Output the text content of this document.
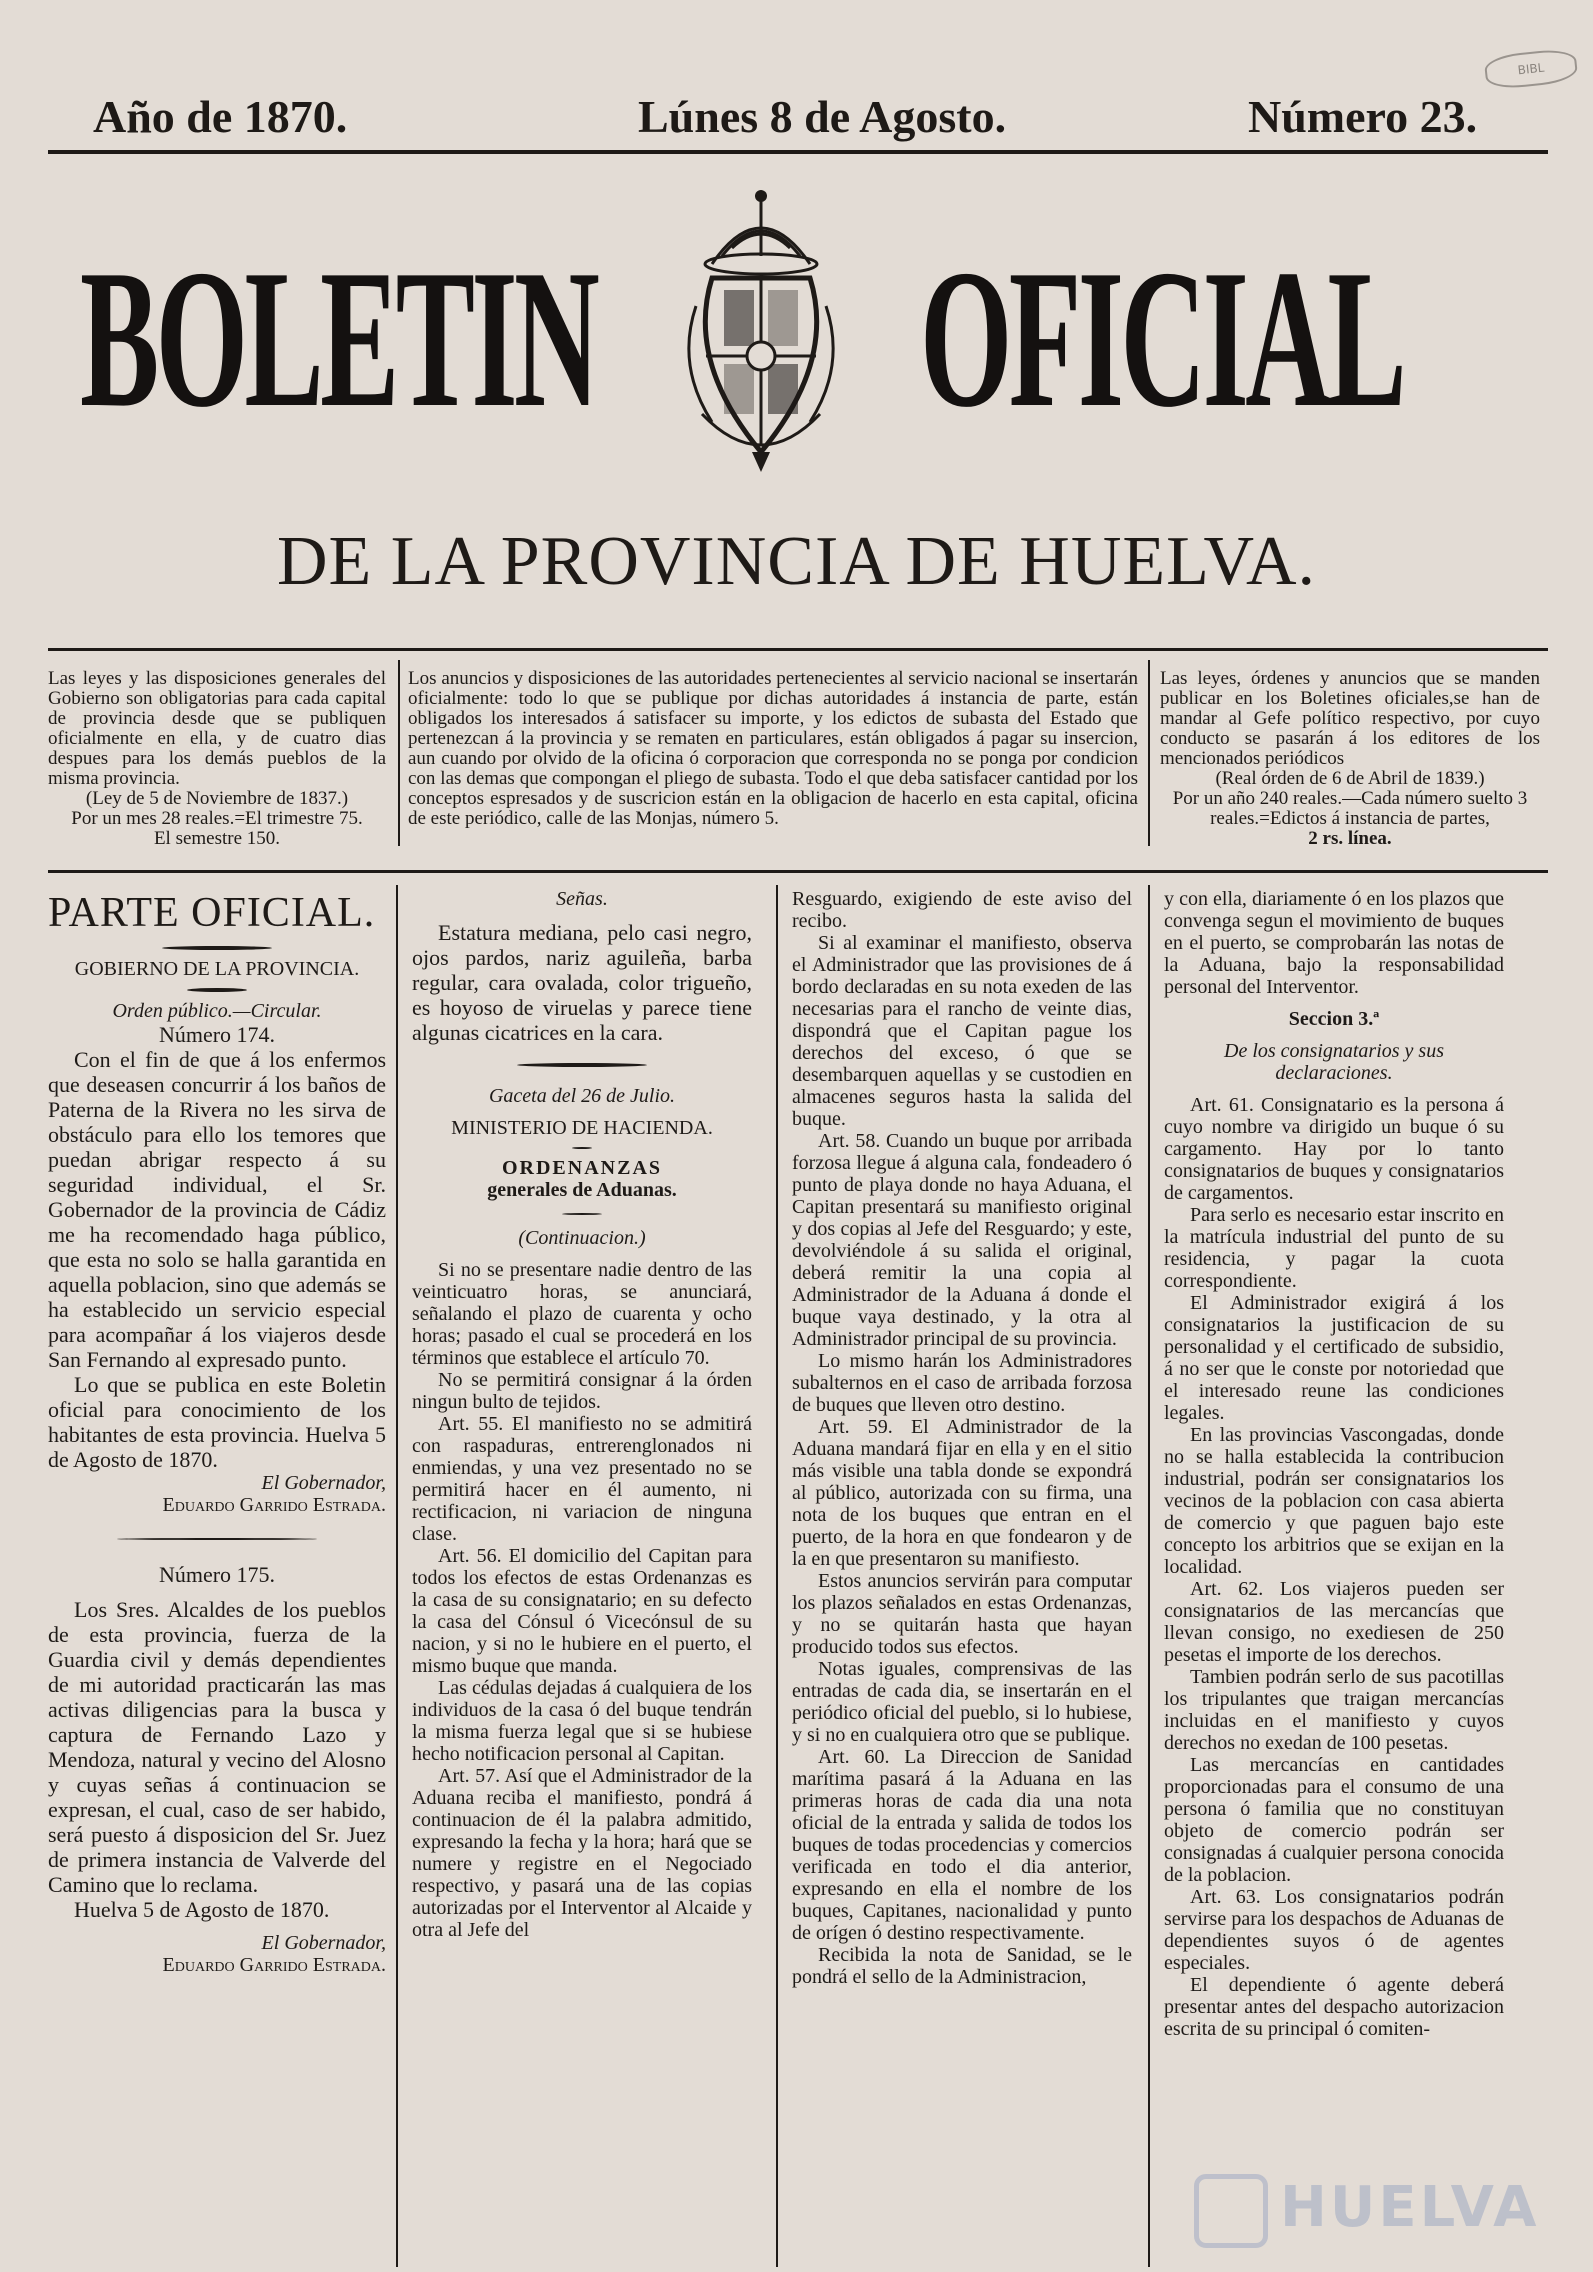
BIBL
Año de 1870.	Lúnes 8 de Agosto.	Número 23.
BOLETIN OFICIAL
DE LA PROVINCIA DE HUELVA.

Las leyes y las disposiciones generales del Gobierno son obligatorias para cada capital de provincia desde que se publiquen oficialmente en ella, y de cuatro dias despues para los demás pueblos de la misma provincia.

(Ley de 5 de Noviembre de 1837.)

Por un mes 28 reales.=El trimestre 75.

El semestre 150.

Los anuncios y disposiciones de las autoridades pertenecientes al servicio nacional se insertarán oficialmente: todo lo que se publique por dichas autoridades á instancia de parte, están obligados los interesados á satisfacer su importe, y los edictos de subasta del Estado que pertenezcan á la provincia y se rematen en particulares, están obligados á pagar su insercion, aun cuando por olvido de la oficina ó corporacion que corresponda no se ponga por condicion con las demas que compongan el pliego de subasta. Todo el que deba satisfacer cantidad por los conceptos espresados y de suscricion están en la obligacion de hacerlo en esta capital, oficina de este periódico, calle de las Monjas, número 5.

Las leyes, órdenes y anuncios que se manden publicar en los Boletines oficiales,se han de mandar al Gefe político respectivo, por cuyo conducto se pasarán á los editores de los mencionados periódicos

(Real órden de 6 de Abril de 1839.)

Por un año 240 reales.—Cada número suelto 3 reales.=Edictos á instancia de partes,

2 rs. línea.

PARTE OFICIAL.

GOBIERNO DE LA PROVINCIA.

Orden público.—Circular.

Número 174.

Con el fin de que á los enfermos que deseasen concurrir á los baños de Paterna de la Rivera no les sirva de obstáculo para ello los temores que puedan abrigar respecto á su seguridad individual, el Sr. Gobernador de la provincia de Cádiz me ha recomendado haga público, que esta no solo se halla garantida en aquella poblacion, sino que además se ha establecido un servicio especial para acompañar á los viajeros desde San Fernando al expresado punto.

Lo que se publica en este Boletin oficial para conocimiento de los habitantes de esta provincia. Huelva 5 de Agosto de 1870.

El Gobernador,

Eduardo Garrido Estrada.

Número 175.

Los Sres. Alcaldes de los pueblos de esta provincia, fuerza de la Guardia civil y demás dependientes de mi autoridad practicarán las mas activas diligencias para la busca y captura de Fernando Lazo y Mendoza, natural y vecino del Alosno y cuyas señas á continuacion se expresan, el cual, caso de ser habido, será puesto á disposicion del Sr. Juez de primera instancia de Valverde del Camino que lo reclama.

Huelva 5 de Agosto de 1870.

El Gobernador,

Eduardo Garrido Estrada.

Señas.

Estatura mediana, pelo casi negro, ojos pardos, nariz aguileña, barba regular, cara ovalada, color trigueño, es hoyoso de viruelas y parece tiene algunas cicatrices en la cara.

Gaceta del 26 de Julio.

MINISTERIO DE HACIENDA.

ORDENANZAS

generales de Aduanas.

(Continuacion.)

Si no se presentare nadie dentro de las veinticuatro horas, se anunciará, señalando el plazo de cuarenta y ocho horas; pasado el cual se procederá en los términos que establece el artículo 70.

No se permitirá consignar á la órden ningun bulto de tejidos.

Art. 55. El manifiesto no se admitirá con raspaduras, entrerenglonados ni enmiendas, y una vez presentado no se permitirá hacer en él aumento, ni rectificacion, ni variacion de ninguna clase.

Art. 56. El domicilio del Capitan para todos los efectos de estas Ordenanzas es la casa de su consignatario; en su defecto la casa del Cónsul ó Vicecónsul de su nacion, y si no le hubiere en el puerto, el mismo buque que manda.

Las cédulas dejadas á cualquiera de los individuos de la casa ó del buque tendrán la misma fuerza legal que si se hubiese hecho notificacion personal al Capitan.

Art. 57. Así que el Administrador de la Aduana reciba el manifiesto, pondrá á continuacion de él la palabra admitido, expresando la fecha y la hora; hará que se numere y registre en el Negociado respectivo, y pasará una de las copias autorizadas por el Interventor al Alcaide y otra al Jefe del

Resguardo, exigiendo de este aviso del recibo.

Si al examinar el manifiesto, observa el Administrador que las provisiones de á bordo declaradas en su nota exeden de las necesarias para el rancho de veinte dias, dispondrá que el Capitan pague los derechos del exceso, ó que se desembarquen aquellas y se custodien en almacenes seguros hasta la salida del buque.

Art. 58. Cuando un buque por arribada forzosa llegue á alguna cala, fondeadero ó punto de playa donde no haya Aduana, el Capitan presentará su manifiesto original y dos copias al Jefe del Resguardo; y este, devolviéndole á su salida el original, deberá remitir la una copia al Administrador de la Aduana á donde el buque vaya destinado, y la otra al Administrador principal de su provincia.

Lo mismo harán los Administradores subalternos en el caso de arribada forzosa de buques que lleven otro destino.

Art. 59. El Administrador de la Aduana mandará fijar en ella y en el sitio más visible una tabla donde se expondrá al público, autorizada con su firma, una nota de los buques que entran en el puerto, de la hora en que fondearon y de la en que presentaron su manifiesto.

Estos anuncios servirán para computar los plazos señalados en estas Ordenanzas, y no se quitarán hasta que hayan producido todos sus efectos.

Notas iguales, comprensivas de las entradas de cada dia, se insertarán en el periódico oficial del pueblo, si lo hubiese, y si no en cualquiera otro que se publique.

Art. 60. La Direccion de Sanidad marítima pasará á la Aduana en las primeras horas de cada dia una nota oficial de la entrada y salida de todos los buques de todas procedencias y comercios verificada en todo el dia anterior, expresando en ella el nombre de los buques, Capitanes, nacionalidad y punto de orígen ó destino respectivamente.

Recibida la nota de Sanidad, se le pondrá el sello de la Administracion,

y con ella, diariamente ó en los plazos que convenga segun el movimiento de buques en el puerto, se comprobarán las notas de la Aduana, bajo la responsabilidad personal del Interventor.

Seccion 3.ª

De los consignatarios y sus declaraciones.

Art. 61. Consignatario es la persona á cuyo nombre va dirigido un buque ó su cargamento. Hay por lo tanto consignatarios de buques y consignatarios de cargamentos.

Para serlo es necesario estar inscrito en la matrícula industrial del punto de su residencia, y pagar la cuota correspondiente.

El Administrador exigirá á los consignatarios la justificacion de su personalidad y el certificado de subsidio, á no ser que le conste por notoriedad que el interesado reune las condiciones legales.

En las provincias Vascongadas, donde no se halla establecida la contribucion industrial, podrán ser consignatarios los vecinos de la poblacion con casa abierta de comercio y que paguen bajo este concepto los arbitrios que se exijan en la localidad.

Art. 62. Los viajeros pueden ser consignatarios de las mercancías que llevan consigo, no exediesen de 250 pesetas el importe de los derechos.

Tambien podrán serlo de sus pacotillas los tripulantes que traigan mercancías incluidas en el manifiesto y cuyos derechos no exedan de 100 pesetas.

Las mercancías en cantidades proporcionadas para el consumo de una persona ó familia que no constituyan objeto de comercio podrán ser consignadas á cualquier persona conocida de la poblacion.

Art. 63. Los consignatarios podrán servirse para los despachos de Aduanas de dependientes suyos ó de agentes especiales.

El dependiente ó agente deberá presentar antes del despacho autorizacion escrita de su principal ó comiten-

HUELVA
